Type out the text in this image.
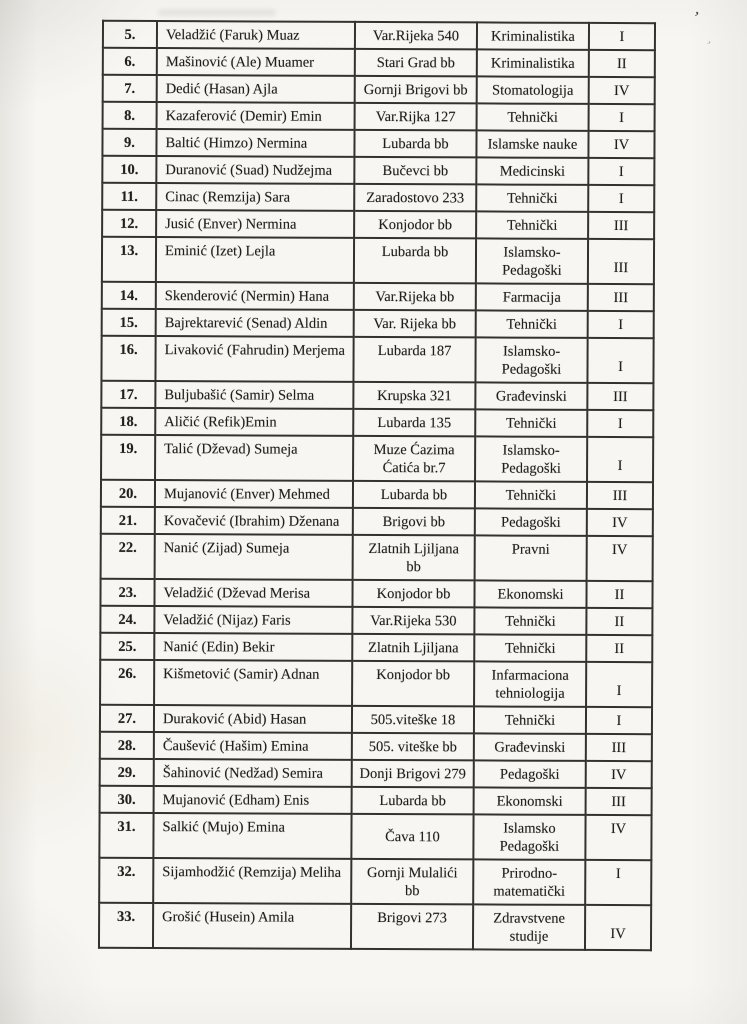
’
,
5.	Veladžić (Faruk) Muaz	Var.Rijeka 540	Kriminalistika	I
6.	Mašinović (Ale) Muamer	Stari Grad bb	Kriminalistika	II
7.	Dedić (Hasan) Ajla	Gornji Brigovi bb	Stomatologija	IV
8.	Kazaferović (Demir) Emin	Var.Rijka 127	Tehnički	I
9.	Baltić (Himzo) Nermina	Lubarda bb	Islamske nauke	IV
10.	Duranović (Suad) Nudžejma	Bučevci bb	Medicinski	I
11.	Cinac (Remzija) Sara	Zaradostovo 233	Tehnički	I
12.	Jusić (Enver) Nermina	Konjodor bb	Tehnički	III
13.	Eminić (Izet) Lejla	Lubarda bb	Islamsko-
Pedagoški	III
14.	Skenderović (Nermin) Hana	Var.Rijeka bb	Farmacija	III
15.	Bajrektarević (Senad) Aldin	Var. Rijeka bb	Tehnički	I
16.	Livaković (Fahrudin) Merjema	Lubarda 187	Islamsko-
Pedagoški	I
17.	Buljubašić (Samir) Selma	Krupska 321	Građevinski	III
18.	Aličić (Refik)Emin	Lubarda 135	Tehnički	I
19.	Talić (Dževad) Sumeja	Muze Ćazima
Ćatića br.7	Islamsko-
Pedagoški	I
20.	Mujanović (Enver) Mehmed	Lubarda bb	Tehnički	III
21.	Kovačević (Ibrahim) Dženana	Brigovi bb	Pedagoški	IV
22.	Nanić (Zijad) Sumeja	Zlatnih Ljiljana
bb	Pravni	IV
23.	Veladžić (Dževad Merisa	Konjodor bb	Ekonomski	II
24.	Veladžić (Nijaz) Faris	Var.Rijeka 530	Tehnički	II
25.	Nanić (Edin) Bekir	Zlatnih Ljiljana	Tehnički	II
26.	Kišmetović (Samir) Adnan	Konjodor bb	Infarmaciona
tehniologija	I
27.	Duraković (Abid) Hasan	505.viteške 18	Tehnički	I
28.	Čaušević (Hašim) Emina	505. viteške bb	Građevinski	III
29.	Šahinović (Nedžad) Semira	Donji Brigovi 279	Pedagoški	IV
30.	Mujanović (Edham) Enis	Lubarda bb	Ekonomski	III
31.	Salkić (Mujo) Emina	Čava 110	Islamsko
Pedagoški	IV
32.	Sijamhodžić (Remzija) Meliha	Gornji Mulalići
bb	Prirodno-
matematički	I
33.	Grošić (Husein) Amila	Brigovi 273	Zdravstvene
studije	IV
